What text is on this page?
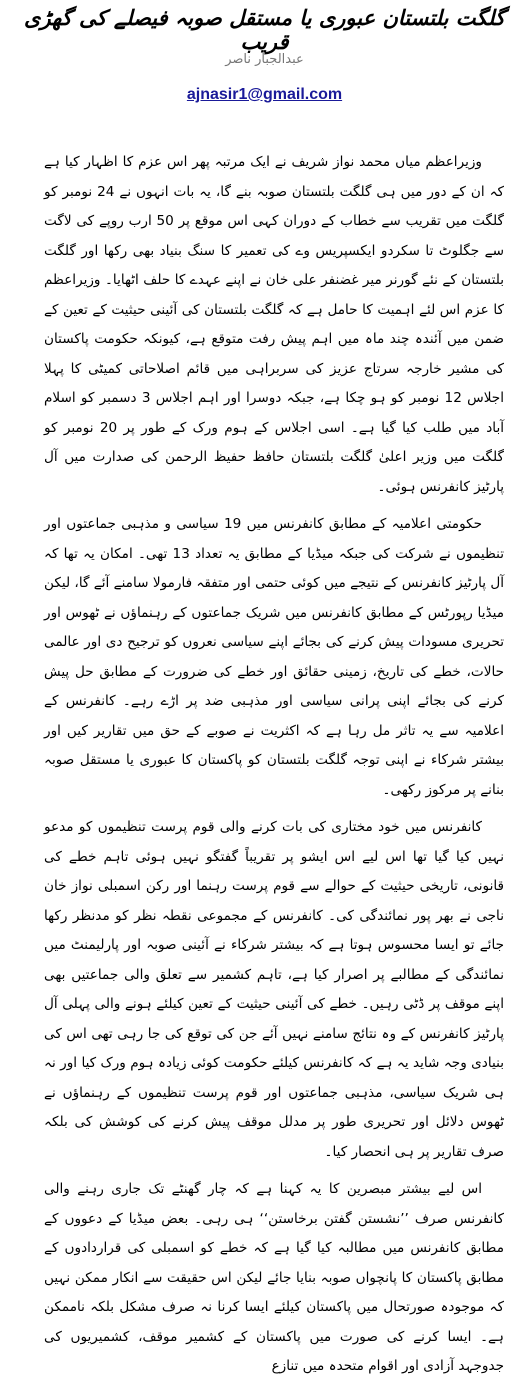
گلگت بلتستان عبوری یا مستقل صوبہ فیصلے کی گھڑی قریب
عبدالجبار ناصر
ajnasir1@gmail.com

وزیراعظم میاں محمد نواز شریف نے ایک مرتبہ پھر اس عزم کا اظہار کیا ہے کہ ان کے دور میں ہی گلگت بلتستان صوبہ بنے گا، یہ بات انہوں نے 24 نومبر کو گلگت میں تقریب سے خطاب کے دوران کہی اس موقع پر 50 ارب روپے کی لاگت سے جگلوٹ تا سکردو ایکسپریس وے کی تعمیر کا سنگ بنیاد بھی رکھا اور گلگت بلتستان کے نئے گورنر میر غضنفر علی خان نے اپنے عہدے کا حلف اٹھایا۔ وزیراعظم کا عزم اس لئے اہمیت کا حامل ہے کہ گلگت بلتستان کی آئینی حیثیت کے تعین کے ضمن میں آئندہ چند ماہ میں اہم پیش رفت متوقع ہے، کیونکہ حکومت پاکستان کی مشیر خارجہ سرتاج عزیز کی سربراہی میں قائم اصلاحاتی کمیٹی کا پہلا اجلاس 12 نومبر کو ہو چکا ہے، جبکہ دوسرا اور اہم اجلاس 3 دسمبر کو اسلام آباد میں طلب کیا گیا ہے۔ اسی اجلاس کے ہوم ورک کے طور پر 20 نومبر کو گلگت میں وزیر اعلیٰ گلگت بلتستان حافظ حفیظ الرحمن کی صدارت میں آل پارٹیز کانفرنس ہوئی۔

حکومتی اعلامیہ کے مطابق کانفرنس میں 19 سیاسی و مذہبی جماعتوں اور تنظیموں نے شرکت کی جبکہ میڈیا کے مطابق یہ تعداد 13 تھی۔ امکان یہ تھا کہ آل پارٹیز کانفرنس کے نتیجے میں کوئی حتمی اور متفقہ فارمولا سامنے آئے گا، لیکن میڈیا رپورٹس کے مطابق کانفرنس میں شریک جماعتوں کے رہنماؤں نے ٹھوس اور تحریری مسودات پیش کرنے کی بجائے اپنے سیاسی نعروں کو ترجیح دی اور عالمی حالات، خطے کی تاریخ، زمینی حقائق اور خطے کی ضرورت کے مطابق حل پیش کرنے کی بجائے اپنی پرانی سیاسی اور مذہبی ضد پر اڑے رہے۔ کانفرنس کے اعلامیہ سے یہ تاثر مل رہا ہے کہ اکثریت نے صوبے کے حق میں تقاریر کیں اور بیشتر شرکاء نے اپنی توجہ گلگت بلتستان کو پاکستان کا عبوری یا مستقل صوبہ بنانے پر مرکوز رکھی۔

کانفرنس میں خود مختاری کی بات کرنے والی قوم پرست تنظیموں کو مدعو نہیں کیا گیا تھا اس لیے اس ایشو پر تقریباً گفتگو نہیں ہوئی تاہم خطے کی قانونی، تاریخی حیثیت کے حوالے سے قوم پرست رہنما اور رکن اسمبلی نواز خان ناجی نے بھر پور نمائندگی کی۔ کانفرنس کے مجموعی نقطہ نظر کو مدنظر رکھا جائے تو ایسا محسوس ہوتا ہے کہ بیشتر شرکاء نے آئینی صوبہ اور پارلیمنٹ میں نمائندگی کے مطالبے پر اصرار کیا ہے، تاہم کشمیر سے تعلق والی جماعتیں بھی اپنے موقف پر ڈٹی رہیں۔ خطے کی آئینی حیثیت کے تعین کیلئے ہونے والی پہلی آل پارٹیز کانفرنس کے وہ نتائج سامنے نہیں آئے جن کی توقع کی جا رہی تھی اس کی بنیادی وجہ شاید یہ ہے کہ کانفرنس کیلئے حکومت کوئی زیادہ ہوم ورک کیا اور نہ ہی شریک سیاسی، مذہبی جماعتوں اور قوم پرست تنظیموں کے رہنماؤں نے ٹھوس دلائل اور تحریری طور پر مدلل موقف پیش کرنے کی کوشش کی بلکہ صرف تقاریر پر ہی انحصار کیا۔

اس لیے بیشتر مبصرین کا یہ کہنا ہے کہ چار گھنٹے تک جاری رہنے والی کانفرنس صرف ’’نشستن گفتن برخاستن‘‘ ہی رہی۔ بعض میڈیا کے دعووں کے مطابق کانفرنس میں مطالبہ کیا گیا ہے کہ خطے کو اسمبلی کی قراردادوں کے مطابق پاکستان کا پانچواں صوبہ بنایا جائے لیکن اس حقیقت سے انکار ممکن نہیں کہ موجودہ صورتحال میں پاکستان کیلئے ایسا کرنا نہ صرف مشکل بلکہ ناممکن ہے۔ ایسا کرنے کی صورت میں پاکستان کے کشمیر موقف، کشمیریوں کی جدوجہد آزادی اور اقوام متحدہ میں تنازع
